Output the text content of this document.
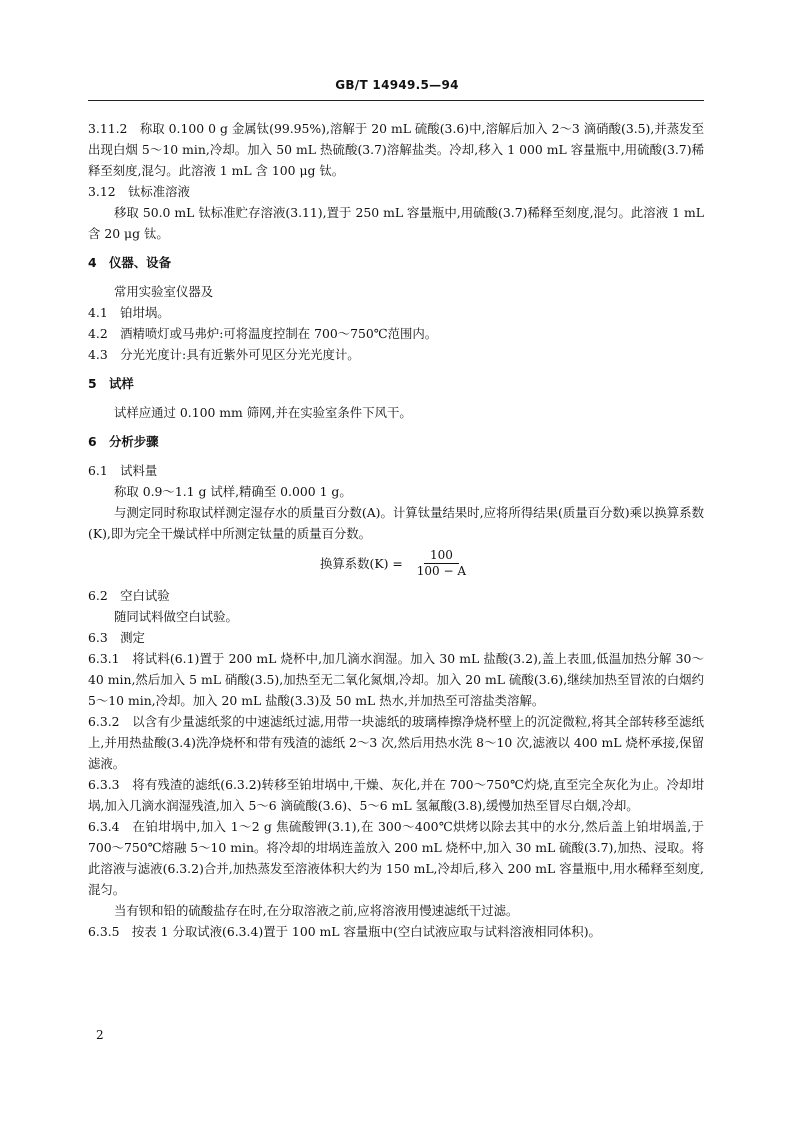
GB/T 14949.5—94

3.11.2　称取 0.100 0 g 金属钛(99.95%),溶解于 20 mL 硫酸(3.6)中,溶解后加入 2～3 滴硝酸(3.5),并蒸发至出现白烟 5～10 min,冷却。加入 50 mL 热硫酸(3.7)溶解盐类。冷却,移入 1 000 mL 容量瓶中,用硫酸(3.7)稀释至刻度,混匀。此溶液 1 mL 含 100 μg 钛。

3.12　钛标准溶液

移取 50.0 mL 钛标准贮存溶液(3.11),置于 250 mL 容量瓶中,用硫酸(3.7)稀释至刻度,混匀。此溶液 1 mL 含 20 μg 钛。

4　仪器、设备

常用实验室仪器及

4.1　铂坩埚。

4.2　酒精喷灯或马弗炉:可将温度控制在 700～750℃范围内。

4.3　分光光度计:具有近紫外可见区分光光度计。

5　试样

试样应通过 0.100 mm 筛网,并在实验室条件下风干。

6　分析步骤

6.1　试料量

称取 0.9～1.1 g 试样,精确至 0.000 1 g。

与测定同时称取试样测定湿存水的质量百分数(A)。计算钛量结果时,应将所得结果(质量百分数)乘以换算系数(K),即为完全干燥试样中所测定钛量的质量百分数。

换算系数$(K) = \frac{100}{100 - A}$

6.2　空白试验

随同试料做空白试验。

6.3　测定

6.3.1　将试料(6.1)置于 200 mL 烧杯中,加几滴水润湿。加入 30 mL 盐酸(3.2),盖上表皿,低温加热分解 30～40 min,然后加入 5 mL 硝酸(3.5),加热至无二氧化氮烟,冷却。加入 20 mL 硫酸(3.6),继续加热至冒浓的白烟约 5～10 min,冷却。加入 20 mL 盐酸(3.3)及 50 mL 热水,并加热至可溶盐类溶解。

6.3.2　以含有少量滤纸浆的中速滤纸过滤,用带一块滤纸的玻璃棒擦净烧杯壁上的沉淀微粒,将其全部转移至滤纸上,并用热盐酸(3.4)洗净烧杯和带有残渣的滤纸 2～3 次,然后用热水洗 8～10 次,滤液以 400 mL 烧杯承接,保留滤液。

6.3.3　将有残渣的滤纸(6.3.2)转移至铂坩埚中,干燥、灰化,并在 700～750℃灼烧,直至完全灰化为止。冷却坩埚,加入几滴水润湿残渣,加入 5～6 滴硫酸(3.6)、5～6 mL 氢氟酸(3.8),缓慢加热至冒尽白烟,冷却。

6.3.4　在铂坩埚中,加入 1～2 g 焦硫酸钾(3.1),在 300～400℃烘烤以除去其中的水分,然后盖上铂坩埚盖,于 700～750℃熔融 5～10 min。将冷却的坩埚连盖放入 200 mL 烧杯中,加入 30 mL 硫酸(3.7),加热、浸取。将此溶液与滤液(6.3.2)合并,加热蒸发至溶液体积大约为 150 mL,冷却后,移入 200 mL 容量瓶中,用水稀释至刻度,混匀。

当有钡和铅的硫酸盐存在时,在分取溶液之前,应将溶液用慢速滤纸干过滤。

6.3.5　按表 1 分取试液(6.3.4)置于 100 mL 容量瓶中(空白试液应取与试料溶液相同体积)。

2
